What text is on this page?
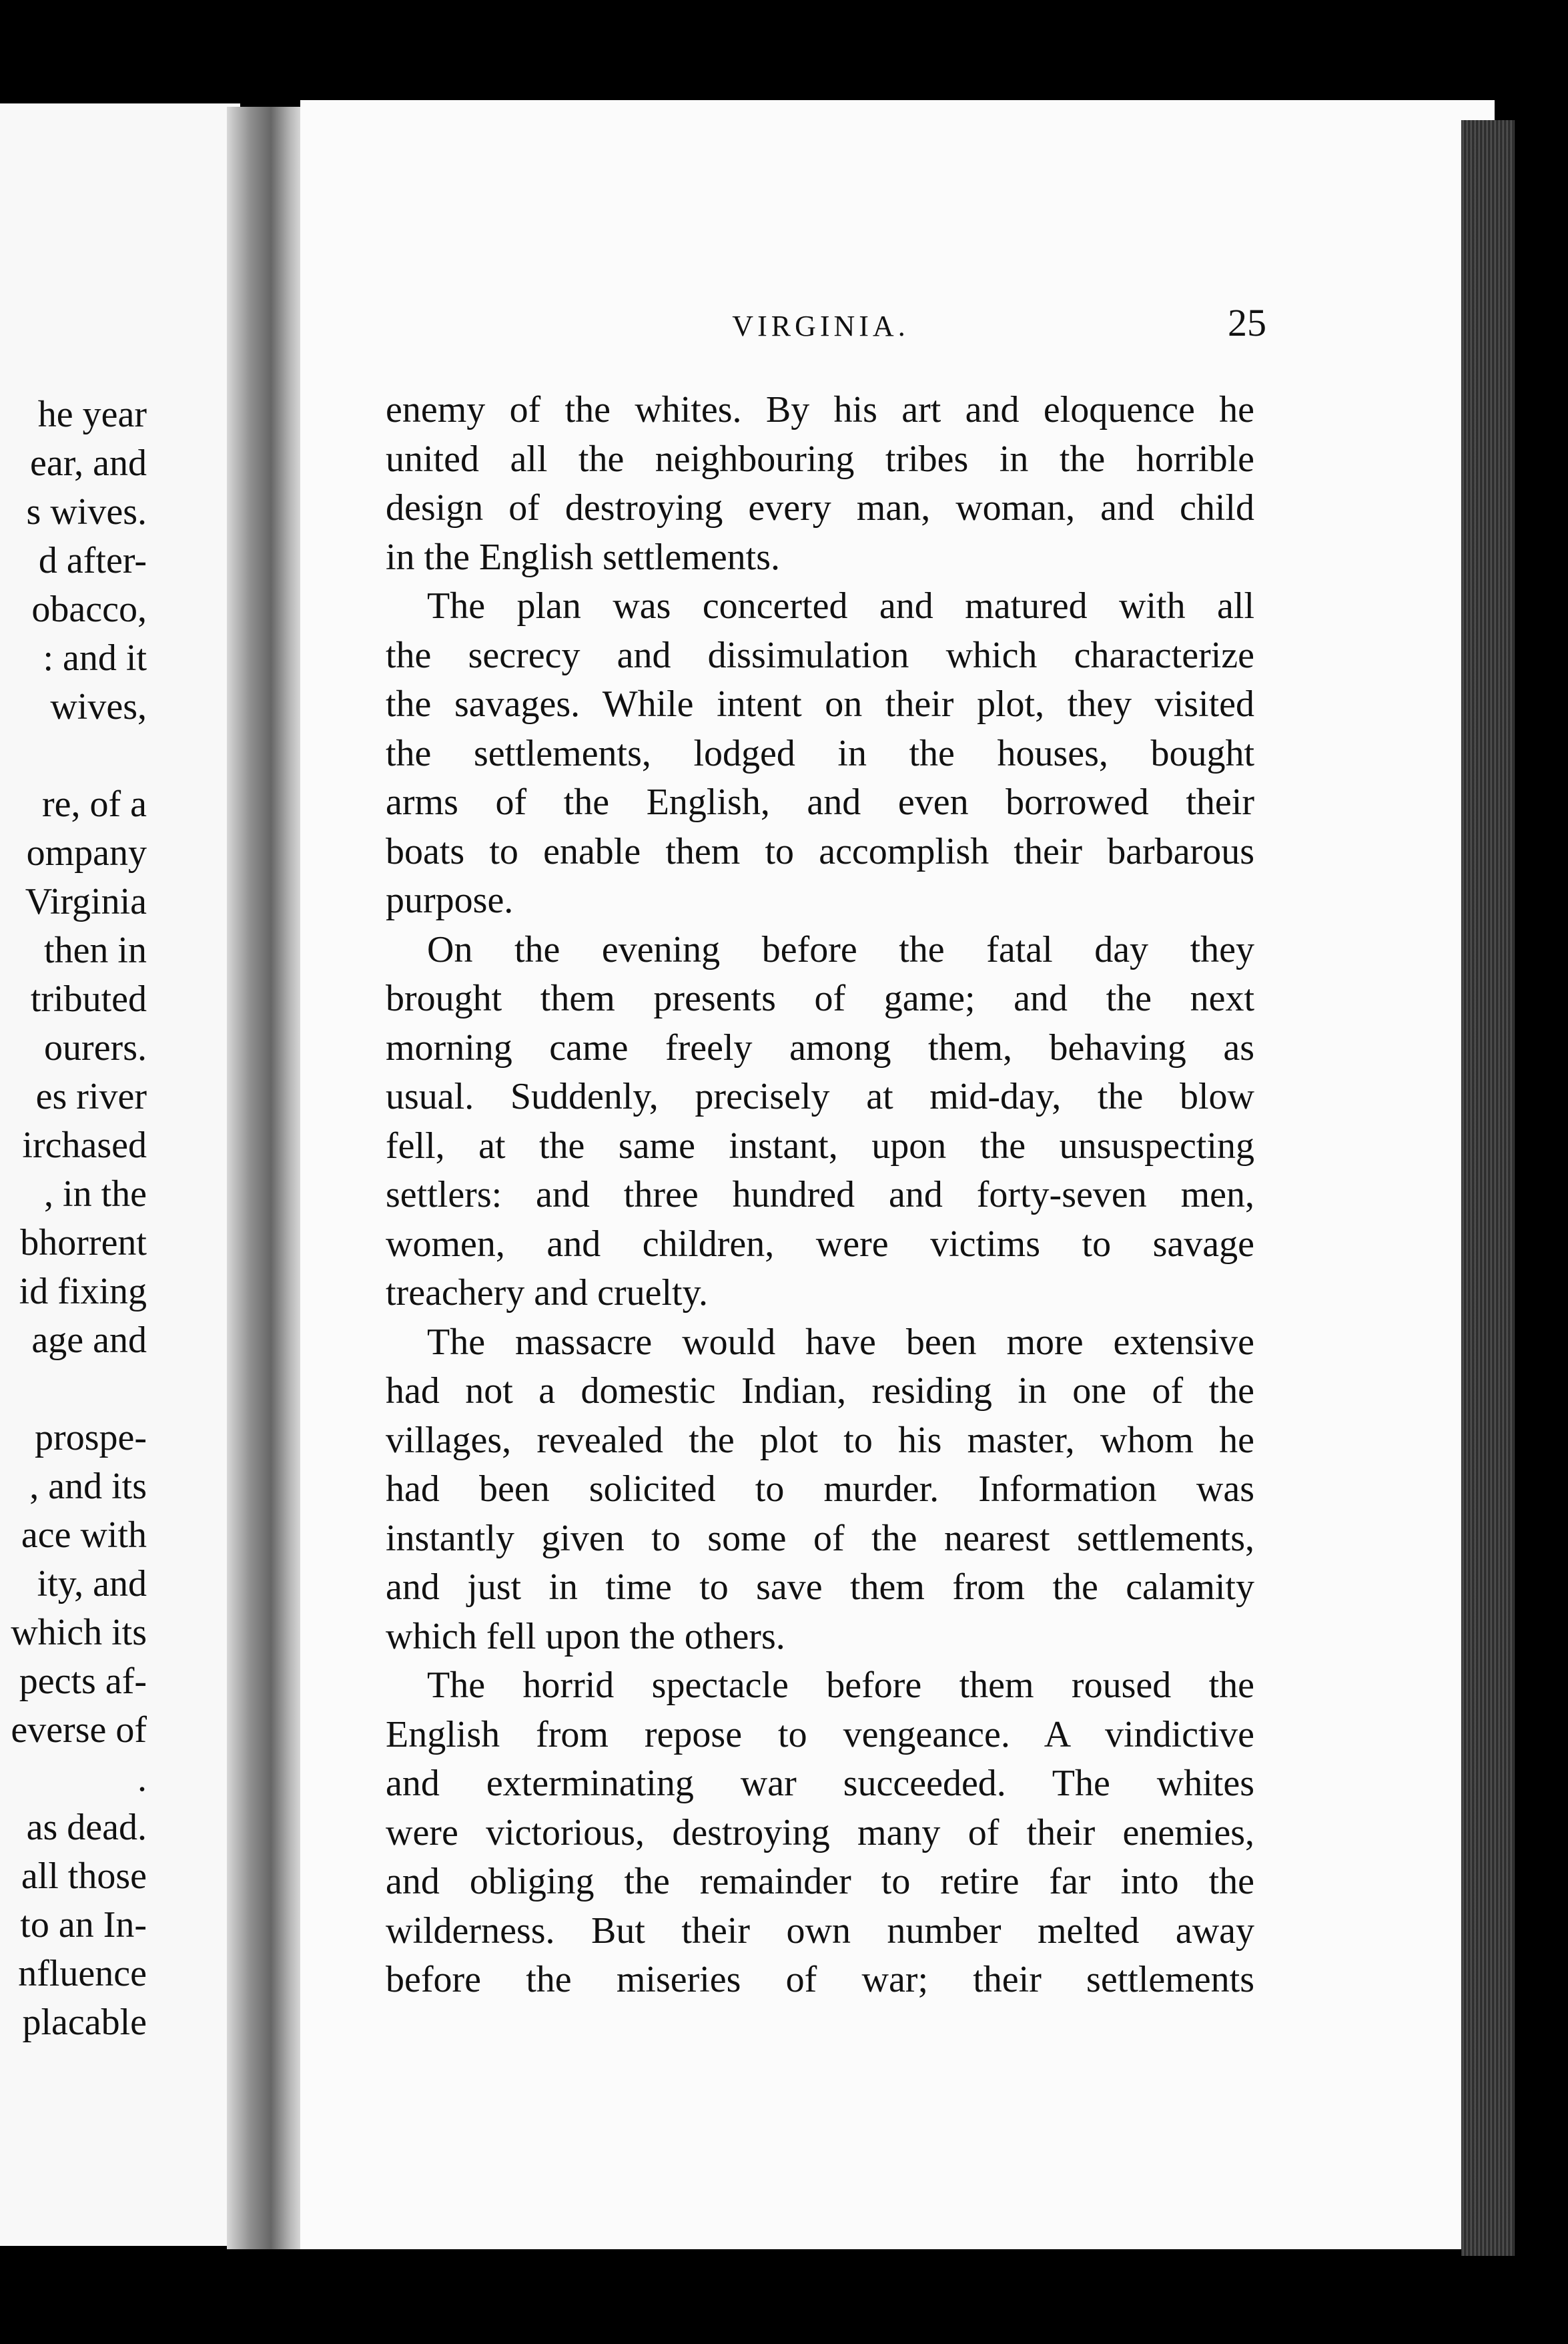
he year
ear, and
s wives.
d after-
obacco,
: and it
wives,
re, of a
ompany
Virginia
then in
tributed
ourers.
es river
irchased
, in the
bhorrent
id fixing
age and
prospe-
, and its
ace with
ity, and
which its
pects af-
everse of
.
as dead.
all those
to an In-
nfluence
placable
VIRGINIA.	25
enemy of the whites. By his art and eloquence he
united all the neighbouring tribes in the horrible
design of destroying every man, woman, and child
in the English settlements.
The plan was concerted and matured with all
the secrecy and dissimulation which characterize
the savages. While intent on their plot, they visited
the settlements, lodged in the houses, bought
arms of the English, and even borrowed their
boats to enable them to accomplish their barbarous
purpose.
On the evening before the fatal day they
brought them presents of game; and the next
morning came freely among them, behaving as
usual. Suddenly, precisely at mid-day, the blow
fell, at the same instant, upon the unsuspecting
settlers: and three hundred and forty-seven men,
women, and children, were victims to savage
treachery and cruelty.
The massacre would have been more extensive
had not a domestic Indian, residing in one of the
villages, revealed the plot to his master, whom he
had been solicited to murder. Information was
instantly given to some of the nearest settlements,
and just in time to save them from the calamity
which fell upon the others.
The horrid spectacle before them roused the
English from repose to vengeance. A vindictive
and exterminating war succeeded. The whites
were victorious, destroying many of their enemies,
and obliging the remainder to retire far into the
wilderness. But their own number melted away
before the miseries of war; their settlements
